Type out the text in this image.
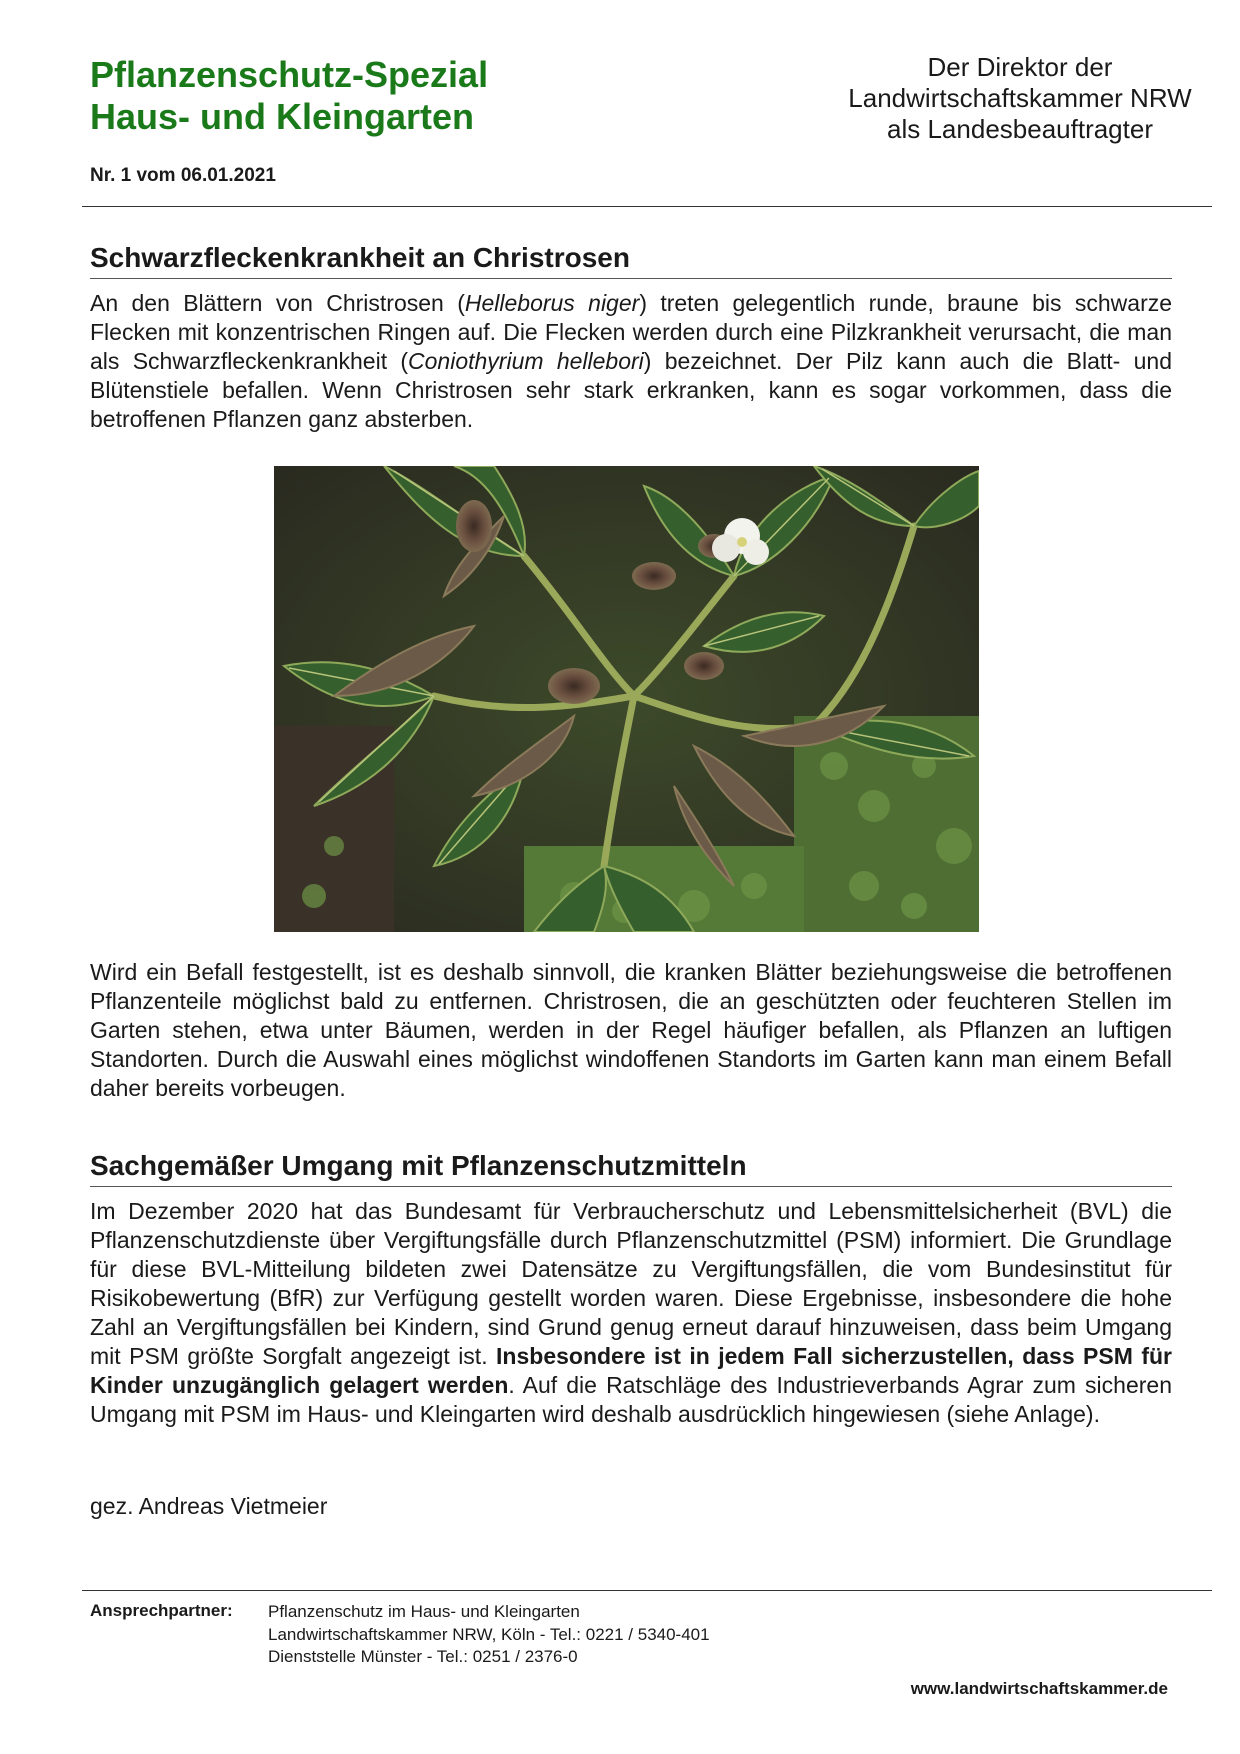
Pflanzenschutz-Spezial

Haus- und Kleingarten

Nr. 1 vom 06.01.2021
Der Direktor der
Landwirtschaftskammer NRW
als Landesbeauftragter
Schwarzfleckenkrankheit an Christrosen

An den Blättern von Christrosen (Helleborus niger) treten gelegentlich runde, braune bis schwarze Flecken mit konzentrischen Ringen auf. Die Flecken werden durch eine Pilzkrankheit verursacht, die man als Schwarzfleckenkrankheit (Coniothyrium hellebori) bezeichnet. Der Pilz kann auch die Blatt- und Blütenstiele befallen. Wenn Christrosen sehr stark erkranken, kann es sogar vorkommen, dass die betroffenen Pflanzen ganz absterben.

Wird ein Befall festgestellt, ist es deshalb sinnvoll, die kranken Blätter beziehungsweise die betroffenen Pflanzenteile möglichst bald zu entfernen. Christrosen, die an geschützten oder feuchteren Stellen im Garten stehen, etwa unter Bäumen, werden in der Regel häufiger befallen, als Pflanzen an luftigen Standorten. Durch die Auswahl eines möglichst windoffenen Standorts im Garten kann man einem Befall daher bereits vorbeugen.

Sachgemäßer Umgang mit Pflanzenschutzmitteln

Im Dezember 2020 hat das Bundesamt für Verbraucherschutz und Lebensmittelsicherheit (BVL) die Pflanzenschutzdienste über Vergiftungsfälle durch Pflanzenschutzmittel (PSM) informiert. Die Grundlage für diese BVL-Mitteilung bildeten zwei Datensätze zu Vergiftungsfällen, die vom Bundesinstitut für Risikobewertung (BfR) zur Verfügung gestellt worden waren. Diese Ergebnisse, insbesondere die hohe Zahl an Vergiftungsfällen bei Kindern, sind Grund genug erneut darauf hinzuweisen, dass beim Umgang mit PSM größte Sorgfalt angezeigt ist. Insbesondere ist in jedem Fall sicherzustellen, dass PSM für Kinder unzugänglich gelagert werden. Auf die Ratschläge des Industrieverbands Agrar zum sicheren Umgang mit PSM im Haus- und Kleingarten wird deshalb ausdrücklich hingewiesen (siehe Anlage).

gez. Andreas Vietmeier
Ansprechpartner: Pflanzenschutz im Haus- und Kleingarten
Landwirtschaftskammer NRW, Köln - Tel.: 0221 / 5340-401
Dienststelle Münster - Tel.: 0251 / 2376-0
www.landwirtschaftskammer.de
